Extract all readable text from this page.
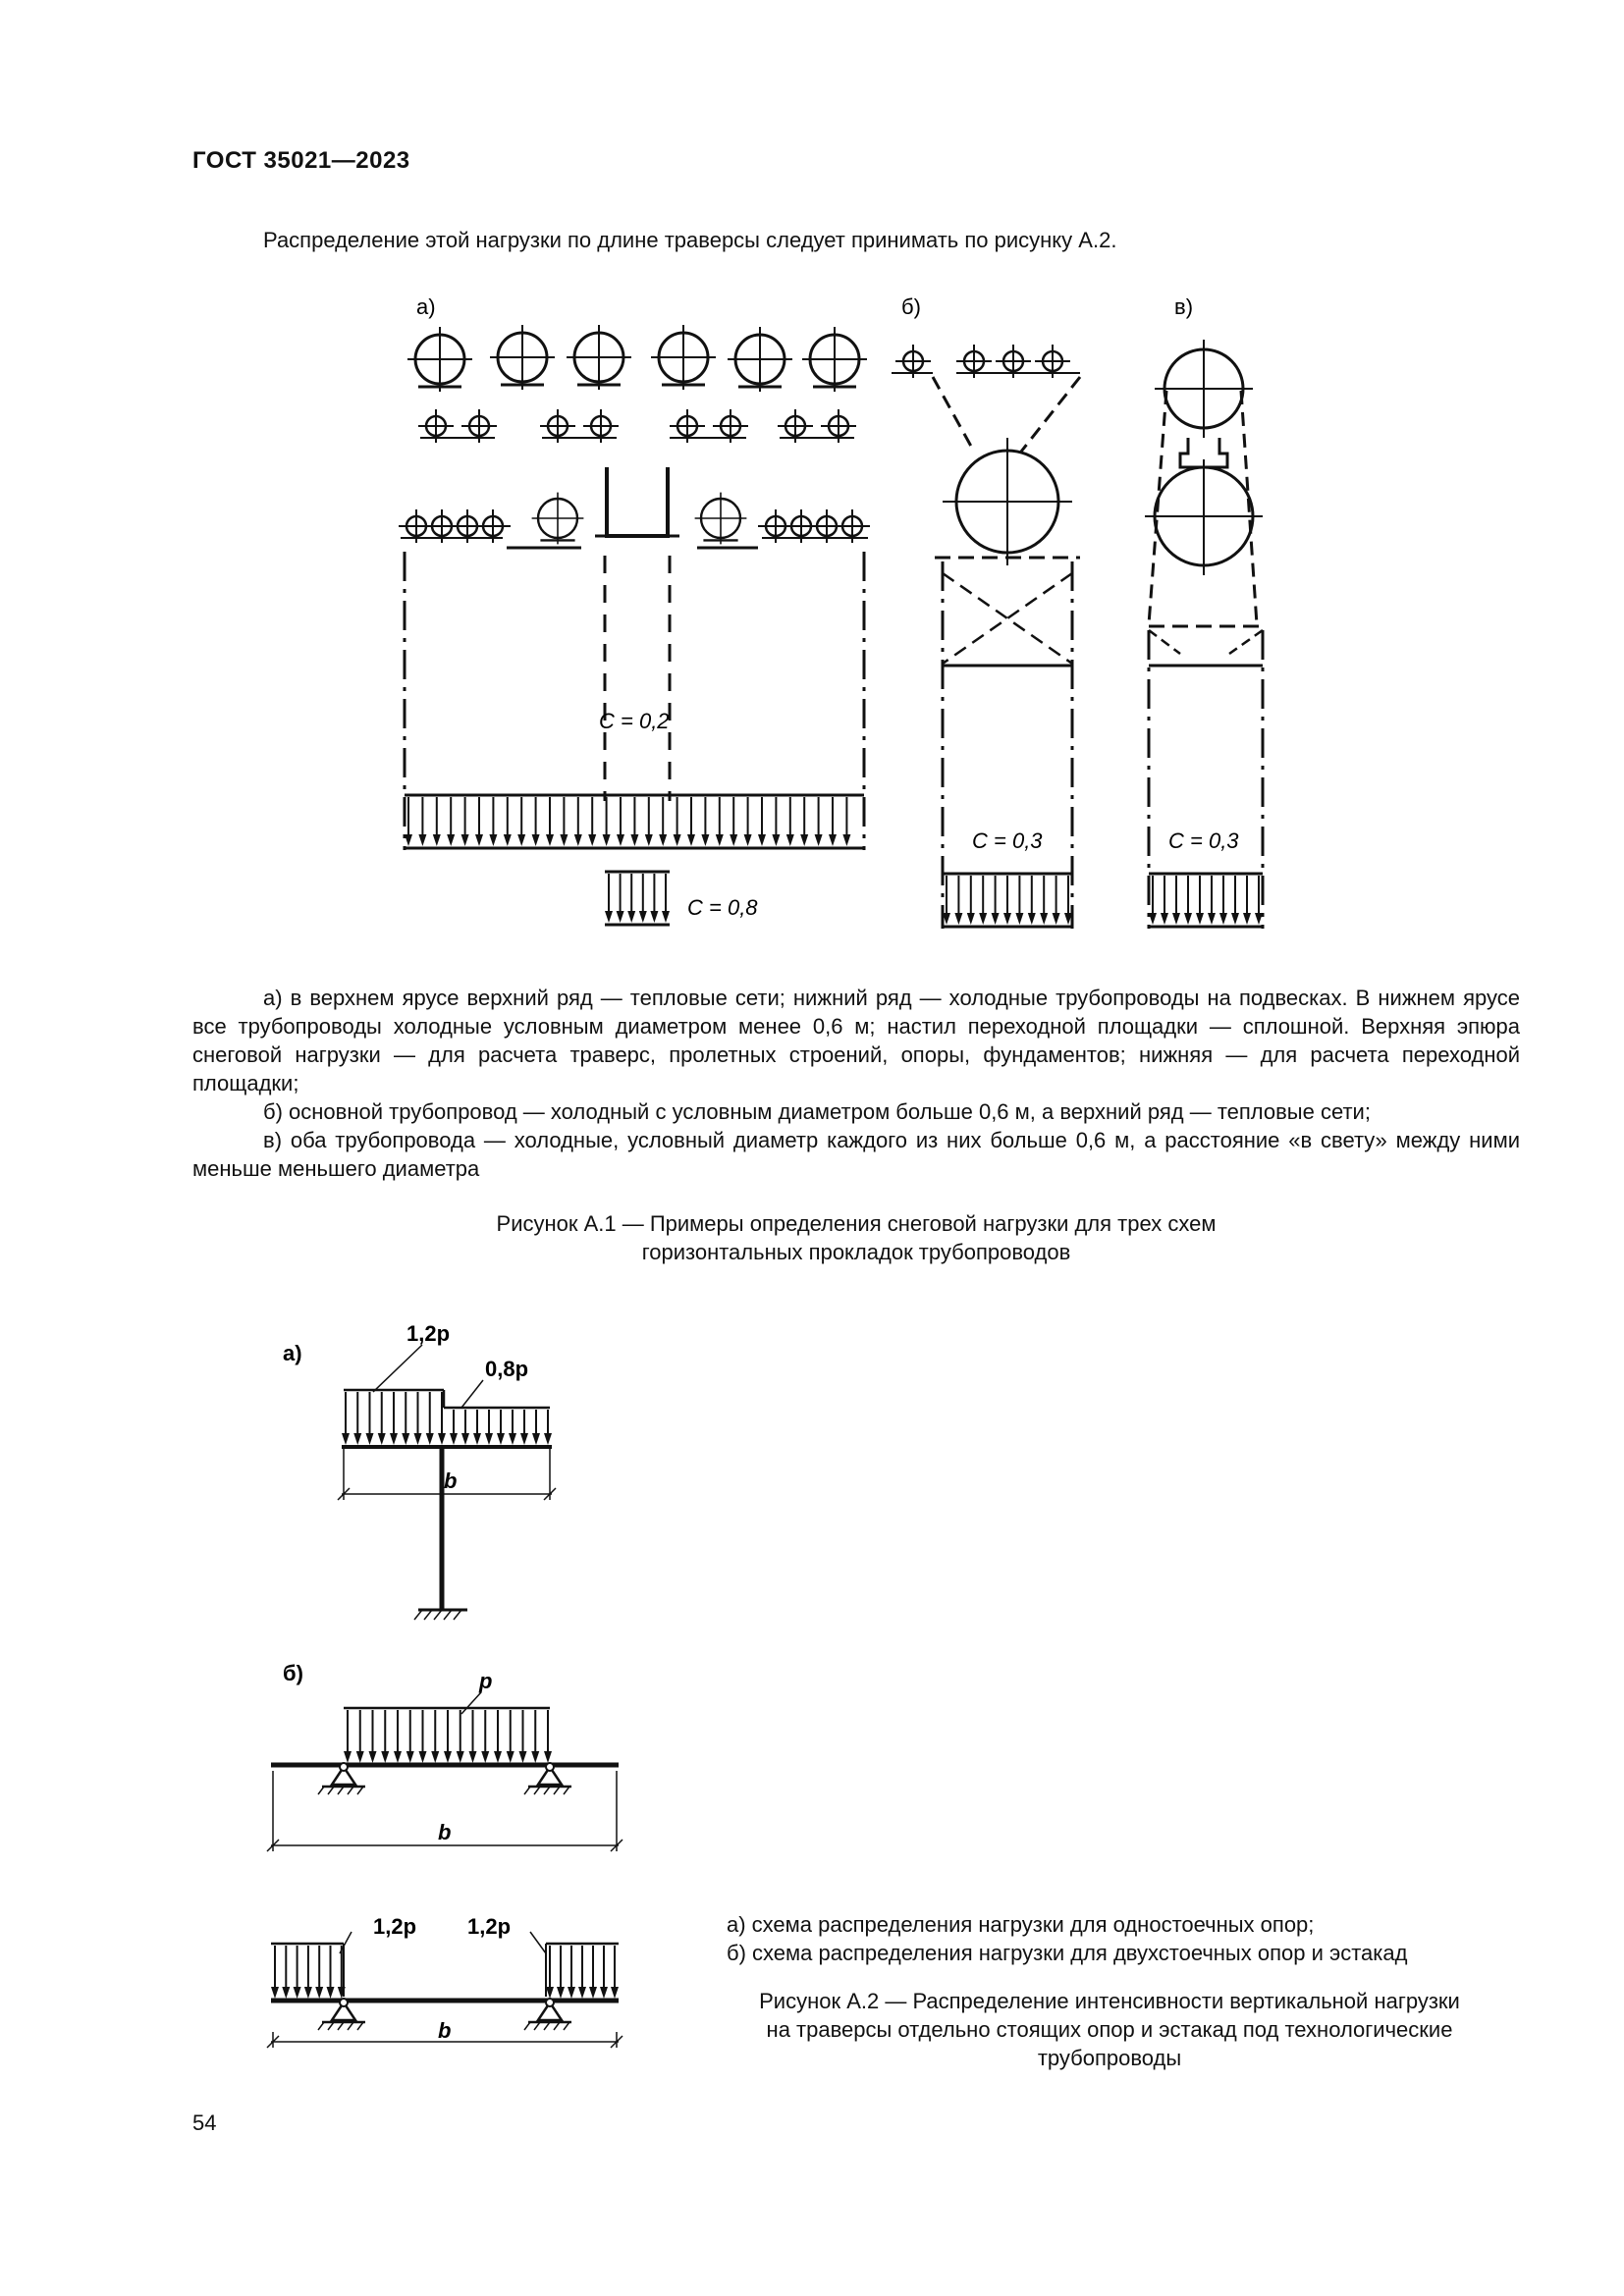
ГОСТ 35021—2023
Распределение этой нагрузки по длине траверсы следует принимать по рисунку А.2.
а)	б)	в)
C = 0,2
C = 0,8
C = 0,3	C = 0,3
а) в верхнем ярусе верхний ряд — тепловые сети; нижний ряд — холодные трубопроводы на подвесках. В нижнем ярусе все трубопроводы холодные условным диаметром менее 0,6 м; настил переходной площадки — сплошной. Верхняя эпюра снеговой нагрузки — для расчета траверс, пролетных строений, опоры, фундаментов; нижняя — для расчета переходной площадки;
б) основной трубопровод — холодный с условным диаметром больше 0,6 м, а верхний ряд — тепловые сети;
в) оба трубопровода — холодные, условный диаметр каждого из них больше 0,6 м, а расстояние «в свету» между ними меньше меньшего диаметра
Рисунок А.1 — Примеры определения снеговой нагрузки для трех схем
горизонтальных прокладок трубопроводов
а)
b
1,2p
0,8p
б)
b
p
1,2p 1,2p
b
а) схема распределения нагрузки для одностоечных опор;
б) схема распределения нагрузки для двухстоечных опор и эстакад
Рисунок А.2 — Распределение интенсивности вертикальной нагрузки
на траверсы отдельно стоящих опор и эстакад под технологические
трубопроводы
54
